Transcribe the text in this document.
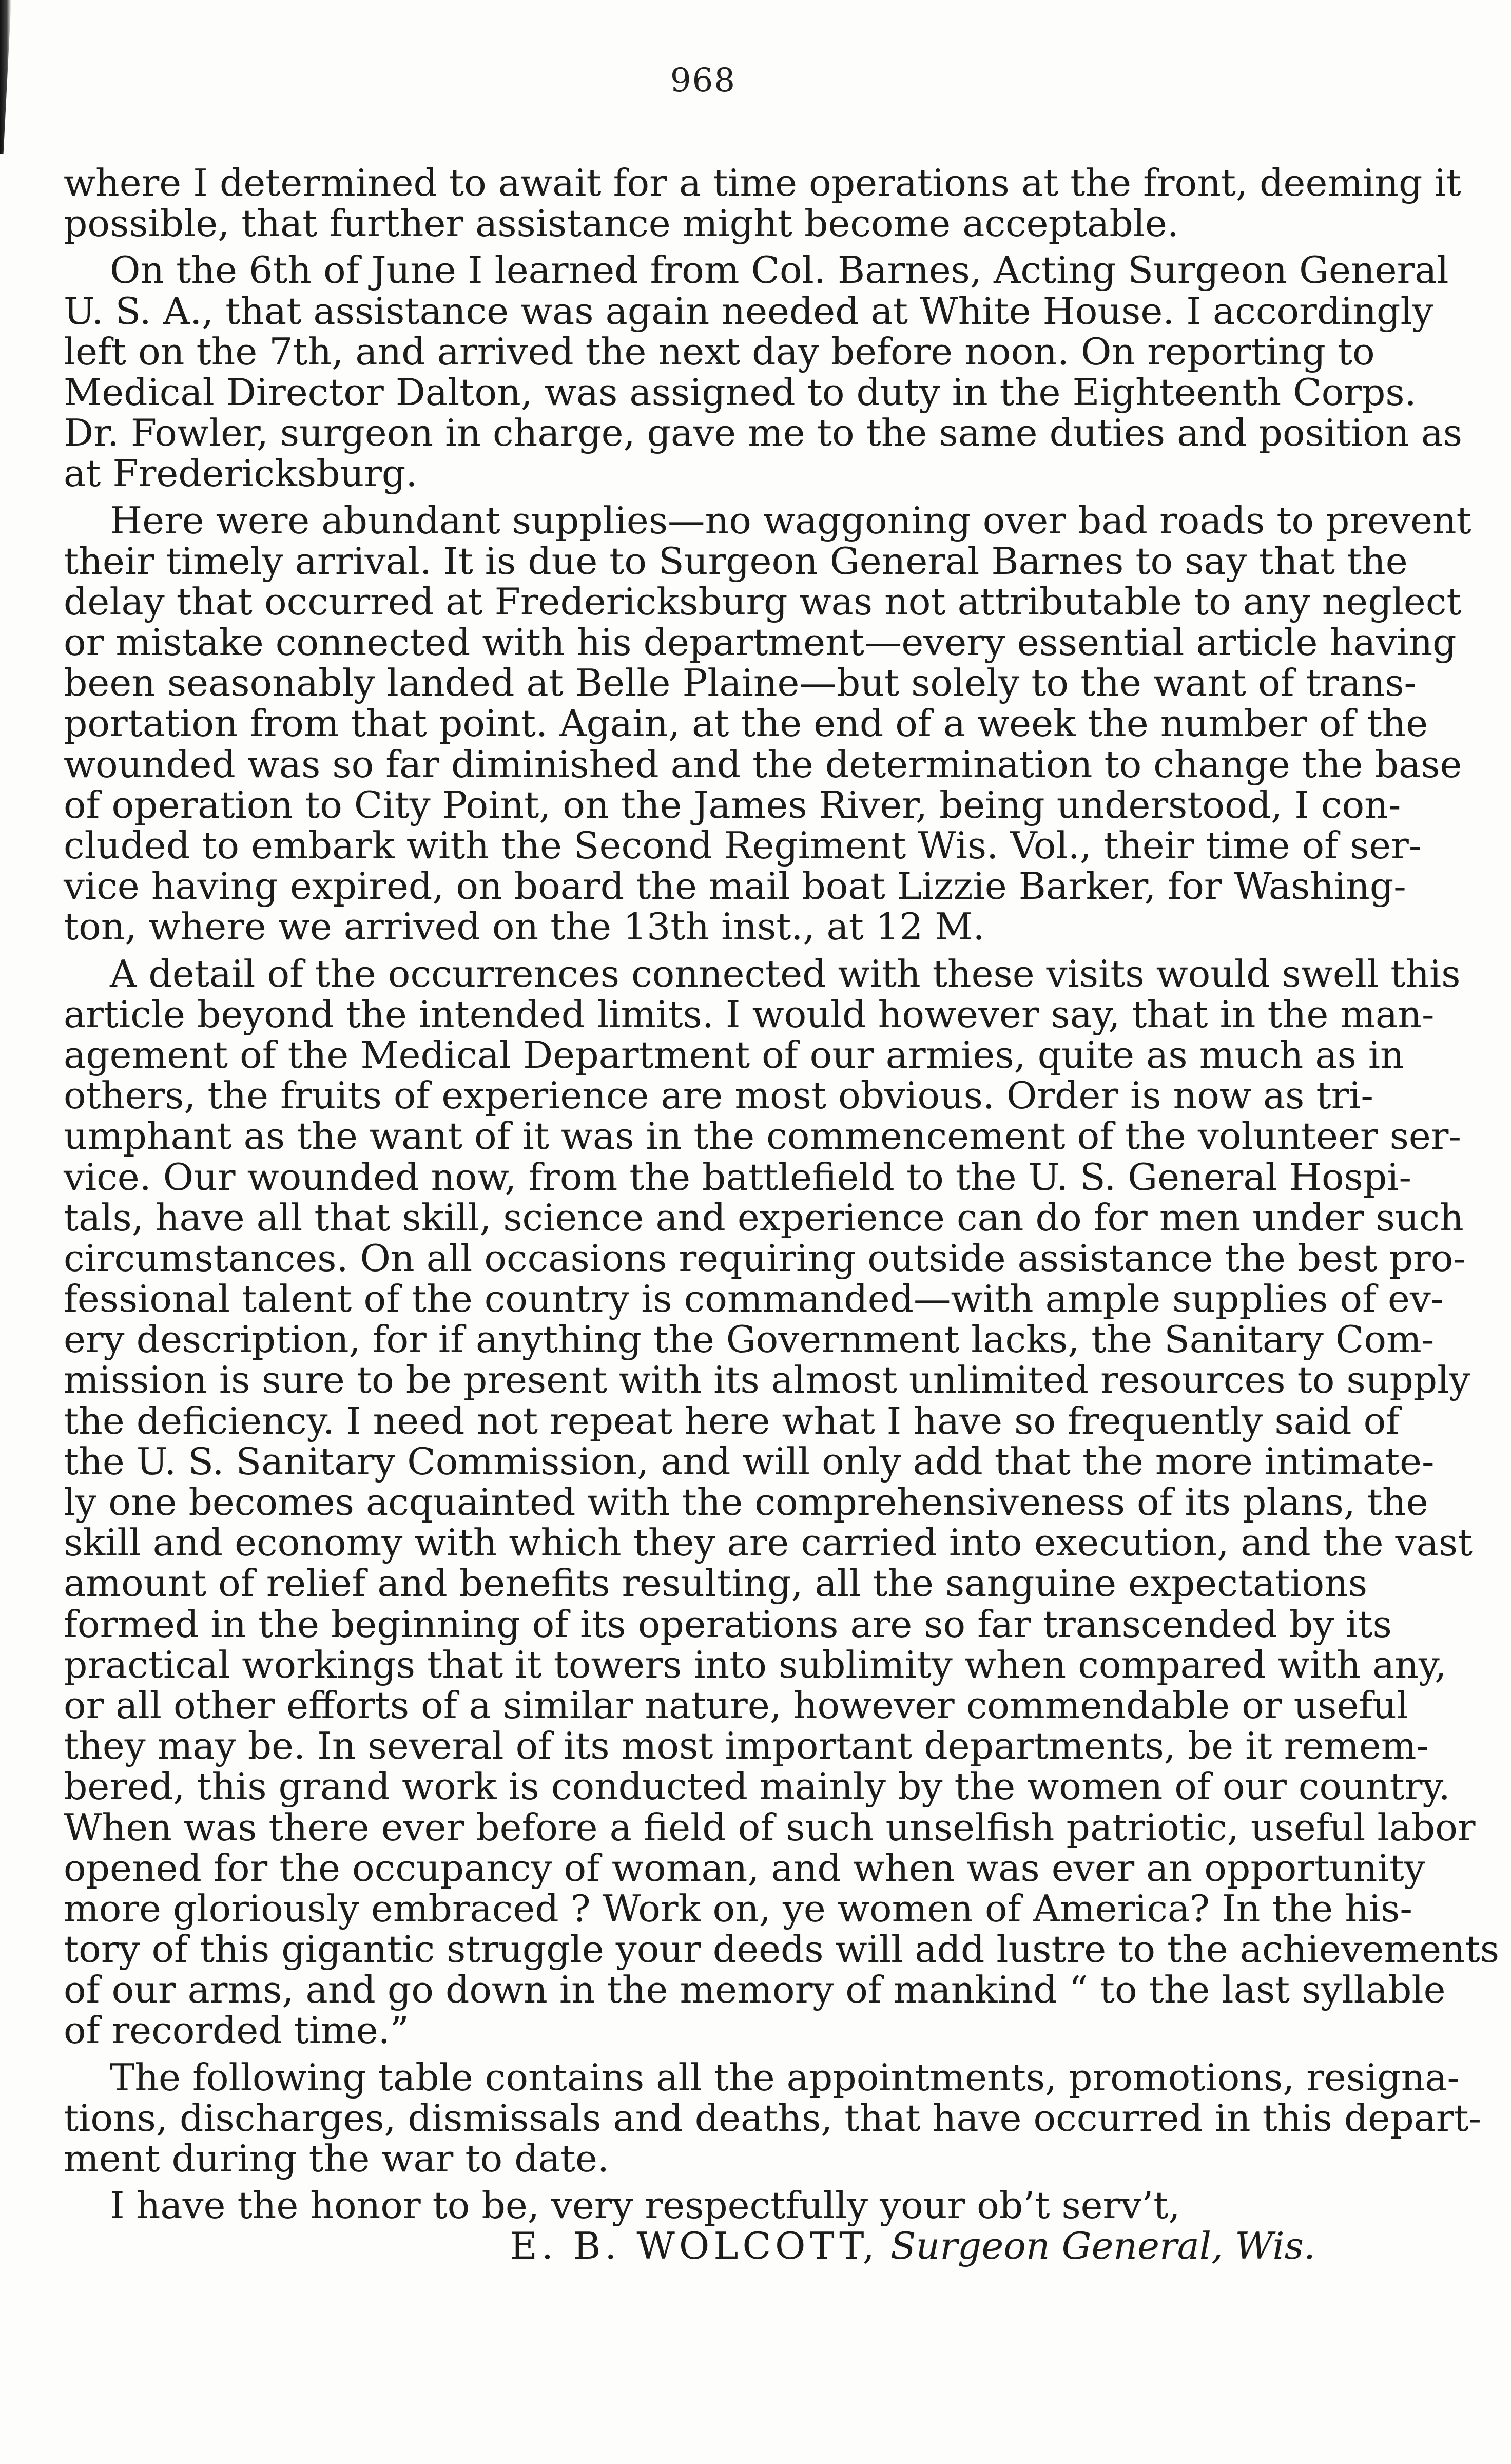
968

where I determined to await for a time operations at the front, deeming it
possible, that further assistance might become acceptable.

On the 6th of June I learned from Col. Barnes, Acting Surgeon General
U. S. A., that assistance was again needed at White House. I accordingly
left on the 7th, and arrived the next day before noon. On reporting to
Medical Director Dalton, was assigned to duty in the Eighteenth Corps.
Dr. Fowler, surgeon in charge, gave me to the same duties and position as
at Fredericksburg.

Here were abundant supplies—no waggoning over bad roads to prevent
their timely arrival. It is due to Surgeon General Barnes to say that the
delay that occurred at Fredericksburg was not attributable to any neglect
or mistake connected with his department—every essential article having
been seasonably landed at Belle Plaine—but solely to the want of trans-
portation from that point. Again, at the end of a week the number of the
wounded was so far diminished and the determination to change the base
of operation to City Point, on the James River, being understood, I con-
cluded to embark with the Second Regiment Wis. Vol., their time of ser-
vice having expired, on board the mail boat Lizzie Barker, for Washing-
ton, where we arrived on the 13th inst., at 12 M.

A detail of the occurrences connected with these visits would swell this
article beyond the intended limits. I would however say, that in the man-
agement of the Medical Department of our armies, quite as much as in
others, the fruits of experience are most obvious. Order is now as tri-
umphant as the want of it was in the commencement of the volunteer ser-
vice. Our wounded now, from the battlefield to the U. S. General Hospi-
tals, have all that skill, science and experience can do for men under such
circumstances. On all occasions requiring outside assistance the best pro-
fessional talent of the country is commanded—with ample supplies of ev-
ery description, for if anything the Government lacks, the Sanitary Com-
mission is sure to be present with its almost unlimited resources to supply
the deficiency. I need not repeat here what I have so frequently said of
the U. S. Sanitary Commission, and will only add that the more intimate-
ly one becomes acquainted with the comprehensiveness of its plans, the
skill and economy with which they are carried into execution, and the vast
amount of relief and benefits resulting, all the sanguine expectations
formed in the beginning of its operations are so far transcended by its
practical workings that it towers into sublimity when compared with any,
or all other efforts of a similar nature, however commendable or useful
they may be. In several of its most important departments, be it remem-
bered, this grand work is conducted mainly by the women of our country.
When was there ever before a field of such unselfish patriotic, useful labor
opened for the occupancy of woman, and when was ever an opportunity
more gloriously embraced ? Work on, ye women of America? In the his-
tory of this gigantic struggle your deeds will add lustre to the achievements
of our arms, and go down in the memory of mankind “ to the last syllable
of recorded time.”

The following table contains all the appointments, promotions, resigna-
tions, discharges, dismissals and deaths, that have occurred in this depart-
ment during the war to date.

I have the honor to be, very respectfully your ob’t serv’t,

E. B. WOLCOTT, Surgeon General, Wis.
